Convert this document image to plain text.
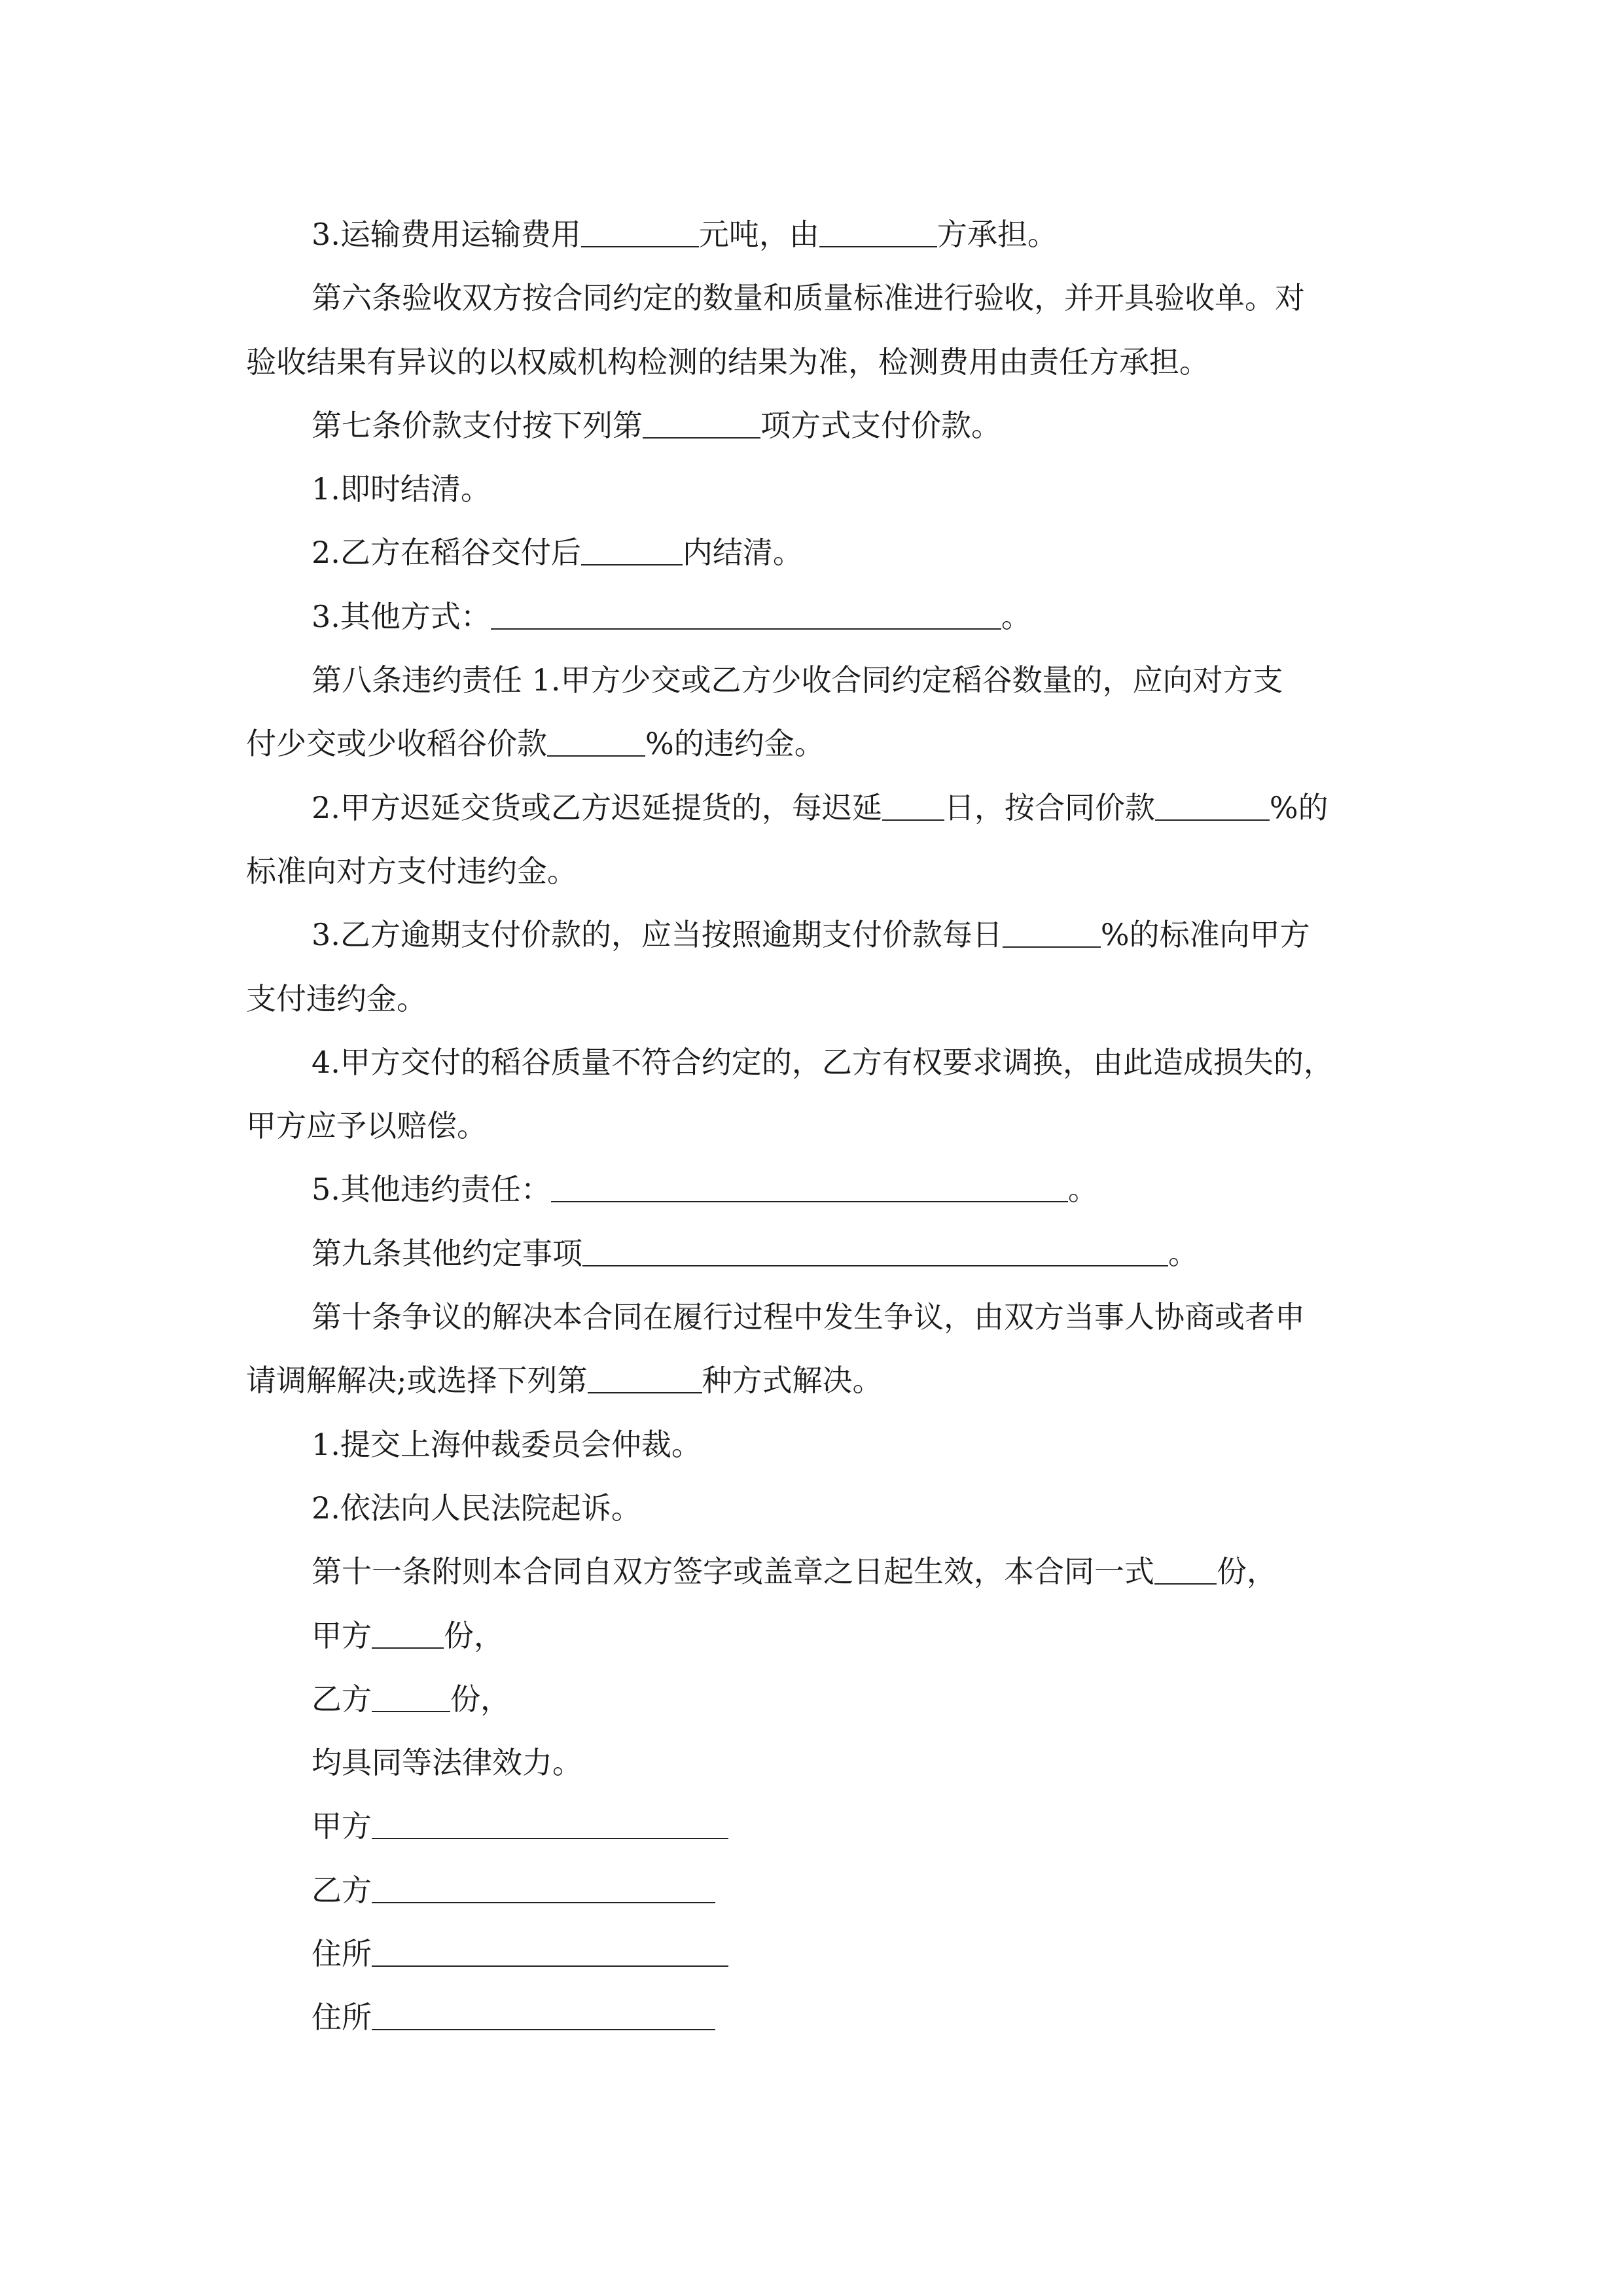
3.运输费用运输费用	元吨，由	方承担。

第六条验收双方按合同约定的数量和质量标准进行验收，并开具验收单。对

验收结果有异议的以权威机构检测的结果为准，检测费用由责任方承担。

第七条价款支付按下列第	项方式支付价款。

1.即时结清。

2.乙方在稻谷交付后	内结清。

3.其他方式：	。

第八条违约责任 1.甲方少交或乙方少收合同约定稻谷数量的，应向对方支

付少交或少收稻谷价款	%的违约金。

2.甲方迟延交货或乙方迟延提货的，每迟延 日，按合同价款	%的

标准向对方支付违约金。

3.乙方逾期支付价款的，应当按照逾期支付价款每日	%的标准向甲方

支付违约金。

4.甲方交付的稻谷质量不符合约定的，乙方有权要求调换，由此造成损失的，

甲方应予以赔偿。

5.其他违约责任：	。

第九条其他约定事项	。

第十条争议的解决本合同在履行过程中发生争议，由双方当事人协商或者申

请调解解决;或选择下列第	种方式解决。

1.提交上海仲裁委员会仲裁。

2.依法向人民法院起诉。

第十一条附则本合同自双方签字或盖章之日起生效，本合同一式 份，

甲方 份，

乙方	份，

均具同等法律效力。

甲方

乙方

住所

住所
